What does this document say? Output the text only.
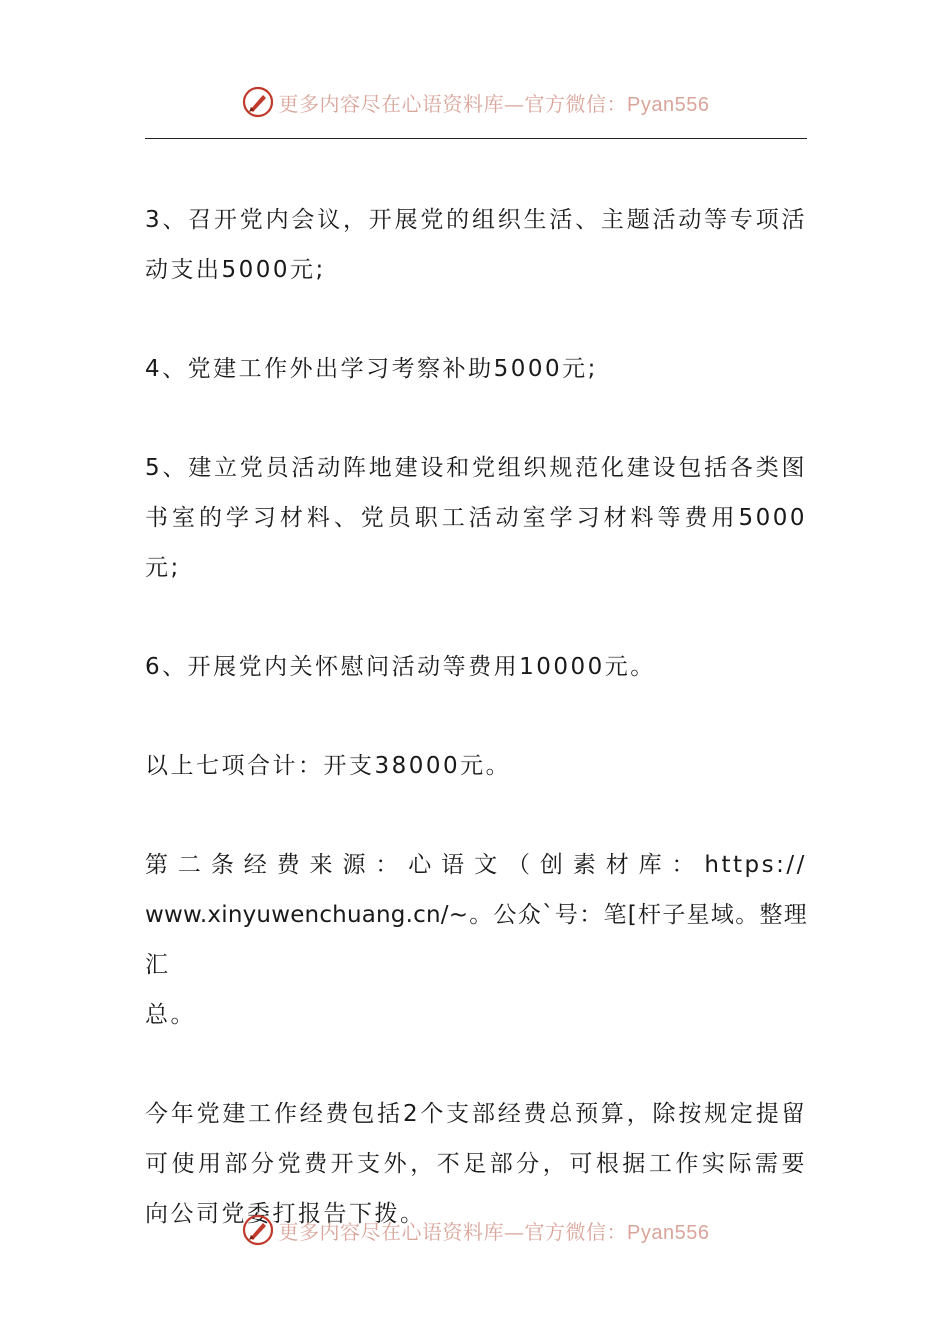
更多内容尽在心语资料库—官方微信：Pyan556

3、召开党内会议，开展党的组织生活、主题活动等专项活动支出5000元;

4、党建工作外出学习考察补助5000元;

5、建立党员活动阵地建设和党组织规范化建设包括各类图书室的学习材料、党员职工活动室学习材料等费用5000元;

6、开展党内关怀慰问活动等费用10000元。

以上七项合计：开支38000元。

第 二 条 经 费 来 源 ： 心 语 文 （ 创 素 材 库 ： https://
www.xinyuwenchuang.cn/~。公众`号：笔[杆子星域。整理汇
总。

今年党建工作经费包括2个支部经费总预算，除按规定提留可使用部分党费开支外，不足部分，可根据工作实际需要向公司党委打报告下拨。

更多内容尽在心语资料库—官方微信：Pyan556
